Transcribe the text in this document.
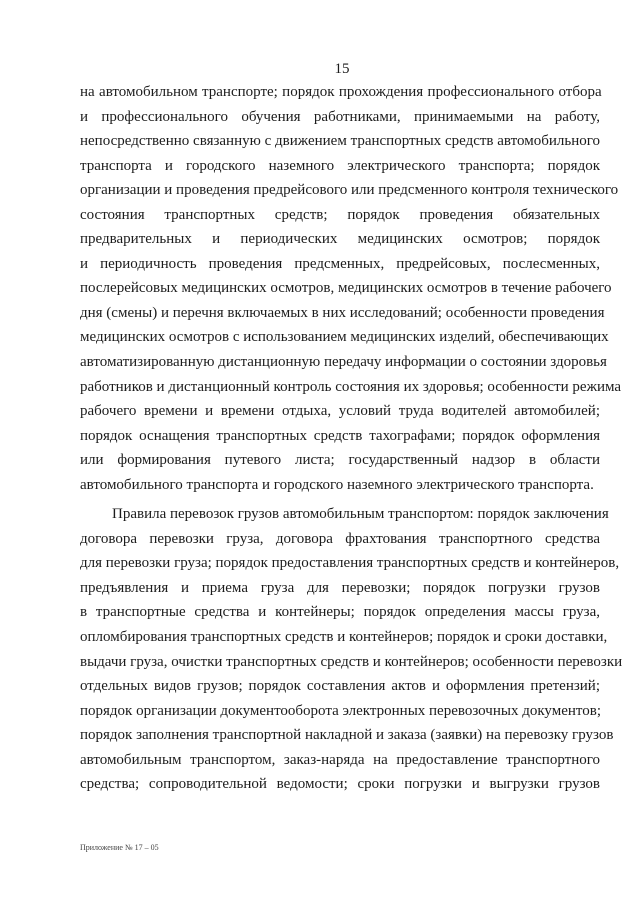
15
на автомобильном транспорте; порядок прохождения профессионального отбора
и профессионального обучения работниками, принимаемыми на работу,
непосредственно связанную с движением транспортных средств автомобильного
транспорта и городского наземного электрического транспорта; порядок
организации и проведения предрейсового или предсменного контроля технического
состояния транспортных средств; порядок проведения обязательных
предварительных и периодических медицинских осмотров; порядок
и периодичность проведения предсменных, предрейсовых, послесменных,
послерейсовых медицинских осмотров, медицинских осмотров в течение рабочего
дня (смены) и перечня включаемых в них исследований; особенности проведения
медицинских осмотров с использованием медицинских изделий, обеспечивающих
автоматизированную дистанционную передачу информации о состоянии здоровья
работников и дистанционный контроль состояния их здоровья; особенности режима
рабочего времени и времени отдыха, условий труда водителей автомобилей;
порядок оснащения транспортных средств тахографами; порядок оформления
или формирования путевого листа; государственный надзор в области
автомобильного транспорта и городского наземного электрического транспорта.
Правила перевозок грузов автомобильным транспортом: порядок заключения
договора перевозки груза, договора фрахтования транспортного средства
для перевозки груза; порядок предоставления транспортных средств и контейнеров,
предъявления и приема груза для перевозки; порядок погрузки грузов
в транспортные средства и контейнеры; порядок определения массы груза,
опломбирования транспортных средств и контейнеров; порядок и сроки доставки,
выдачи груза, очистки транспортных средств и контейнеров; особенности перевозки
отдельных видов грузов; порядок составления актов и оформления претензий;
порядок организации документооборота электронных перевозочных документов;
порядок заполнения транспортной накладной и заказа (заявки) на перевозку грузов
автомобильным транспортом, заказ-наряда на предоставление транспортного
средства; сопроводительной ведомости; сроки погрузки и выгрузки грузов
Приложение № 17 – 05
